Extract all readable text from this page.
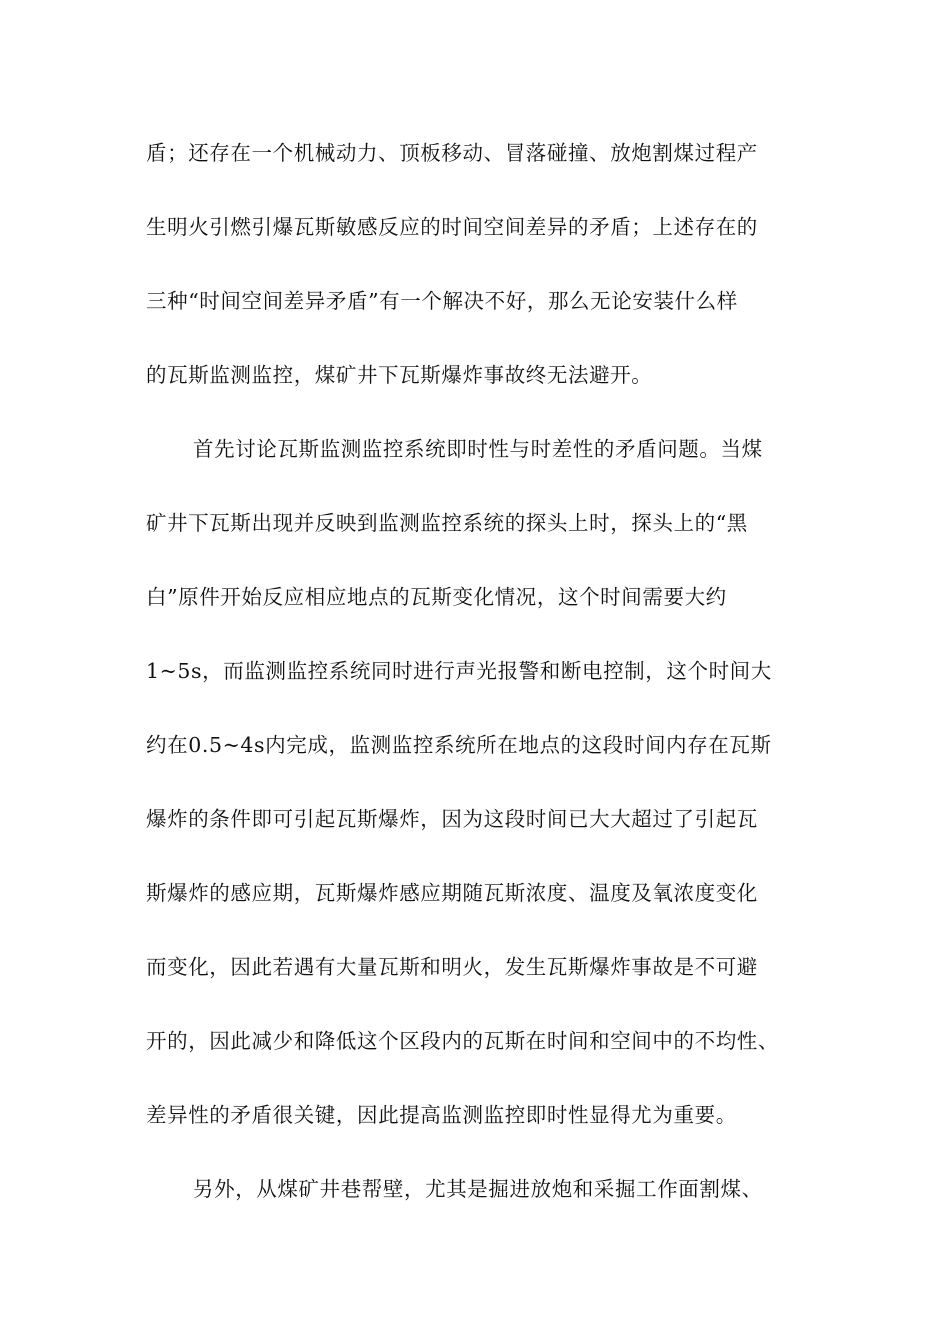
盾；还存在一个机械动力、顶板移动、冒落碰撞、放炮割煤过程产
生明火引燃引爆瓦斯敏感反应的时间空间差异的矛盾；上述存在的
三种“时间空间差异矛盾”有一个解决不好，那么无论安装什么样
的瓦斯监测监控，煤矿井下瓦斯爆炸事故终无法避开。
首先讨论瓦斯监测监控系统即时性与时差性的矛盾问题。当煤
矿井下瓦斯出现并反映到监测监控系统的探头上时，探头上的“黑
白”原件开始反应相应地点的瓦斯变化情况，这个时间需要大约
1~5s，而监测监控系统同时进行声光报警和断电控制，这个时间大
约在0.5~4s内完成，监测监控系统所在地点的这段时间内存在瓦斯
爆炸的条件即可引起瓦斯爆炸，因为这段时间已大大超过了引起瓦
斯爆炸的感应期，瓦斯爆炸感应期随瓦斯浓度、温度及氧浓度变化
而变化，因此若遇有大量瓦斯和明火，发生瓦斯爆炸事故是不可避
开的，因此减少和降低这个区段内的瓦斯在时间和空间中的不均性、
差异性的矛盾很关键，因此提高监测监控即时性显得尤为重要。
另外，从煤矿井巷帮壁，尤其是掘进放炮和采掘工作面割煤、
